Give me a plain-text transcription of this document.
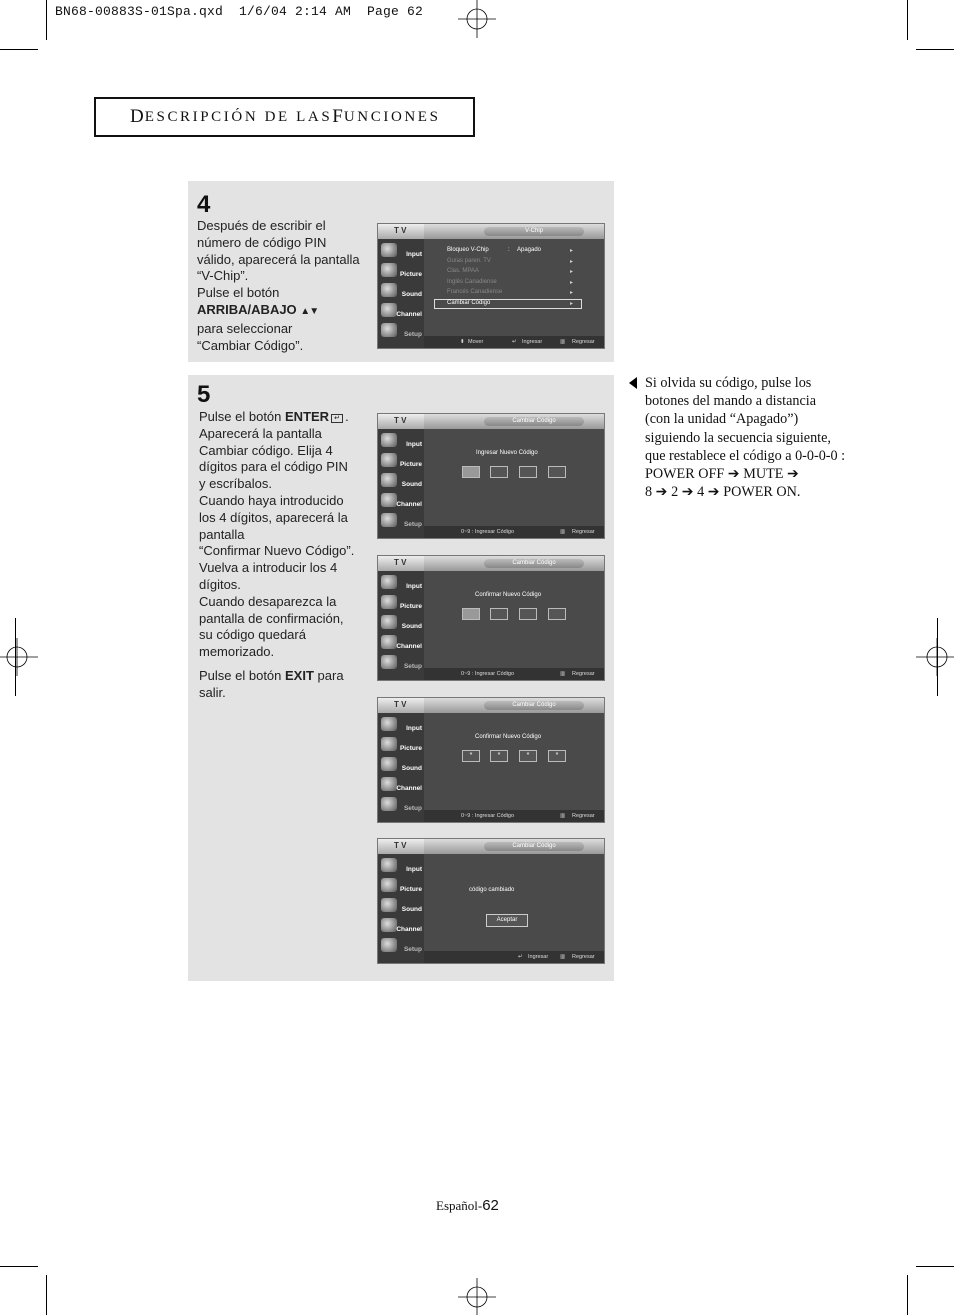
BN68-00883S-01Spa.qxd  1/6/04 2:14 AM  Page 62
D ESCRIPCIÓN DE LAS F UNCIONES
4
Después de escribir el
número de código PIN
válido, aparecerá la pantalla
“V-Chip”.
Pulse el botón
ARRIBA/ABAJO ▲▼
para seleccionar
“Cambiar Código”.
5
Pulse el botón ENTER ↵ .
Aparecerá la pantalla
Cambiar código. Elija 4
dígitos para el código PIN
y escríbalos.
Cuando haya introducido
los 4 dígitos, aparecerá la
pantalla
“Confirmar Nuevo Código”.
Vuelva a introducir los 4
dígitos.
Cuando desaparezca la
pantalla de confirmación,
su código quedará
memorizado.
Pulse el botón EXIT para
salir.
T V	V-Chip
Input
Picture
Sound
Channel
Setup
Bloqueo V-Chip	: Apagado	▸
Guías paren. TV	▸
Clas. MPAA	▸
Inglés Canadiense	▸
Francés Canadiense	▸
Cambiar Código	▸
⬍ Mover	↵ Ingresar	▥ Regresar
T V	Cambiar Código
Input
Picture
Sound
Channel
Setup
Ingresar Nuevo Código
0~9 : Ingresar Código	▥ Regresar
T V	Cambiar Código
Input
Picture
Sound
Channel
Setup
Confirmar Nuevo Código
0~9 : Ingresar Código	▥ Regresar
T V	Cambiar Código
Input
Picture
Sound
Channel
Setup
Confirmar Nuevo Código
*	*	*	*
0~9 : Ingresar Código	▥ Regresar
T V	Cambiar Código
Input
Picture
Sound
Channel
Setup
código cambiado
Aceptar
↵ Ingresar ▥ Regresar
Si olvida su código, pulse los
botones del mando a distancia
(con la unidad “Apagado”)
siguiendo la secuencia siguiente,
que restablece el código a 0-0-0-0 :
POWER OFF ➔ MUTE ➔
8 ➔ 2 ➔ 4 ➔ POWER ON.
Español-62
